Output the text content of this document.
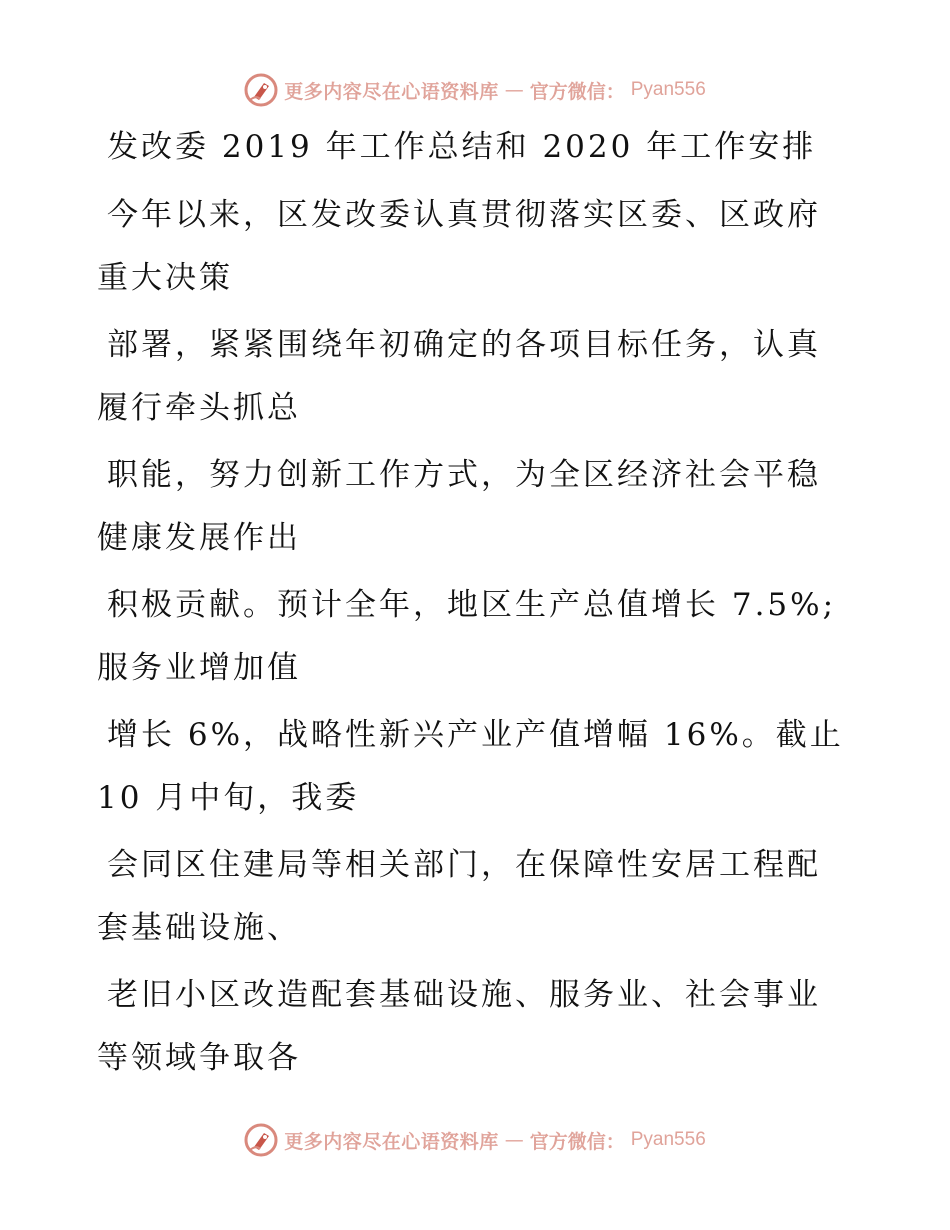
更多内容尽在心语资料库 — 官方微信： Pyan556
发改委 2019 年工作总结和 2020 年工作安排
今年以来，区发改委认真贯彻落实区委、区政府
重大决策
部署，紧紧围绕年初确定的各项目标任务，认真
履行牵头抓总
职能，努力创新工作方式，为全区经济社会平稳
健康发展作出
积极贡献。预计全年，地区生产总值增长 7.5%;
服务业增加值
增长 6%，战略性新兴产业产值增幅 16%。截止
10 月中旬，我委
会同区住建局等相关部门，在保障性安居工程配
套基础设施、
老旧小区改造配套基础设施、服务业、社会事业
等领域争取各
更多内容尽在心语资料库 — 官方微信： Pyan556
